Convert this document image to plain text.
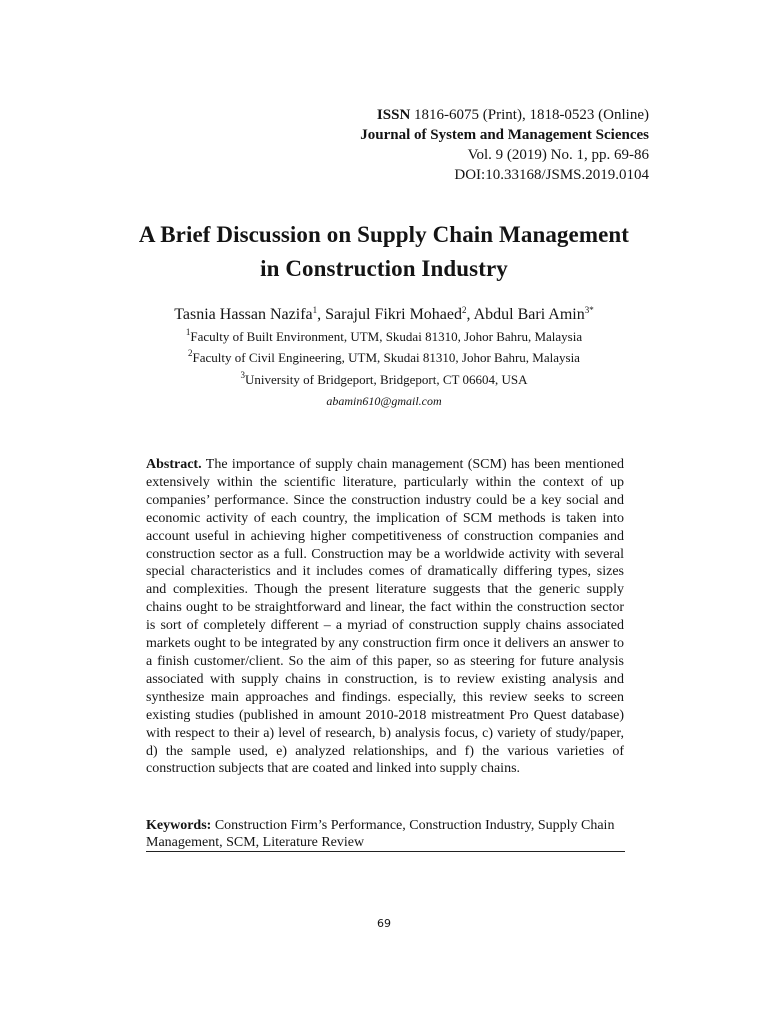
ISSN 1816-6075 (Print), 1818-0523 (Online)
Journal of System and Management Sciences
Vol. 9 (2019) No. 1, pp. 69-86
DOI:10.33168/JSMS.2019.0104
A Brief Discussion on Supply Chain Management
in Construction Industry
Tasnia Hassan Nazifa$^1$, Sarajul Fikri Mohaed$^2$, Abdul Bari Amin$^{3*}$
$^1$Faculty of Built Environment, UTM, Skudai 81310, Johor Bahru, Malaysia
$^2$Faculty of Civil Engineering, UTM, Skudai 81310, Johor Bahru, Malaysia
$^3$University of Bridgeport, Bridgeport, CT 06604, USA
abamin610@gmail.com
Abstract. The importance of supply chain management (SCM) has been mentioned extensively within the scientific literature, particularly within the context of up companies’ performance. Since the construction industry could be a key social and economic activity of each country, the implication of SCM methods is taken into account useful in achieving higher competitiveness of construction companies and construction sector as a full. Construction may be a worldwide activity with several special characteristics and it includes comes of dramatically differing types, sizes and complexities. Though the present literature suggests that the generic supply chains ought to be straightforward and linear, the fact within the construction sector is sort of completely different – a myriad of construction supply chains associated markets ought to be integrated by any construction firm once it delivers an answer to a finish customer/client. So the aim of this paper, so as steering for future analysis associated with supply chains in construction, is to review existing analysis and synthesize main approaches and findings. especially, this review seeks to screen existing studies (published in amount 2010-2018 mistreatment Pro Quest database) with respect to their a) level of research, b) analysis focus, c) variety of study/paper, d) the sample used, e) analyzed relationships, and f) the various varieties of construction subjects that are coated and linked into supply chains.
Keywords: Construction Firm’s Performance, Construction Industry, Supply Chain Management, SCM, Literature Review
69
